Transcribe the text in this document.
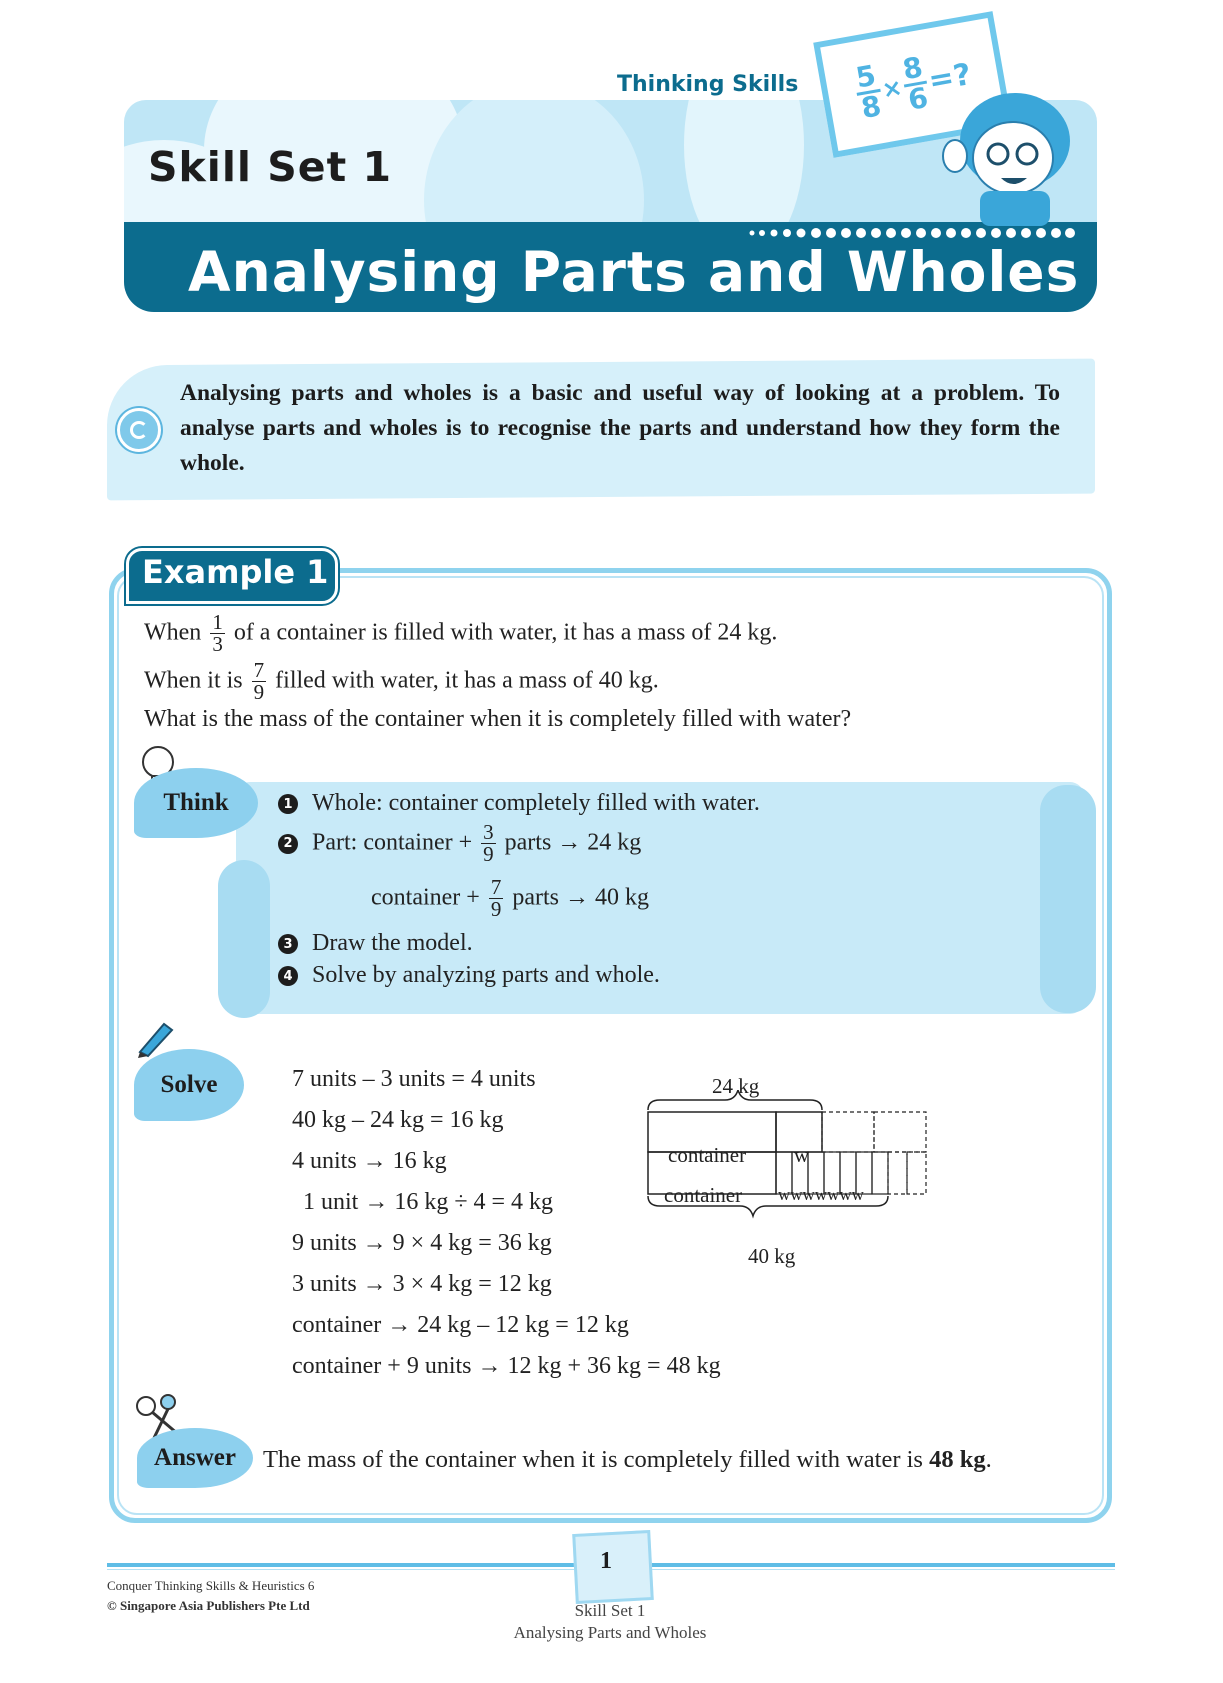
Thinking Skills
Skill Set 1
Analysing Parts and Wholes
$\frac{5}{8}$
×
$\frac{8}{6}$
=?
Analysing parts and wholes is a basic and useful way of looking at a problem. To analyse parts and wholes is to recognise the parts and understand how they form the whole.
Example 1
When $\frac{1}{3}$ of a container is filled with water, it has a mass of 24 kg.
When it is $\frac{7}{9}$ filled with water, it has a mass of 40 kg.
What is the mass of the container when it is completely filled with water?
Think	1 Whole: container completely filled with water.
2 Part: container + $\frac{3}{9}$ parts → 24 kg
container + $\frac{7}{9}$ parts → 40 kg
3 Draw the model.
4 Solve by analyzing parts and whole.
Solve	7 units – 3 units = 4 units
40 kg – 24 kg = 16 kg
4 units → 16 kg
1 unit → 16 kg ÷ 4 = 4 kg
9 units → 9 × 4 kg = 36 kg
3 units → 3 × 4 kg = 12 kg
container → 24 kg – 12 kg = 12 kg
container + 9 units → 12 kg + 36 kg = 48 kg
24 kg
container w
container wwwwwww
40 kg
Answer	The mass of the container when it is completely filled with water is 48 kg.
1
Conquer Thinking Skills & Heuristics 6
© Singapore Asia Publishers Pte Ltd	Skill Set 1
Analysing Parts and Wholes
